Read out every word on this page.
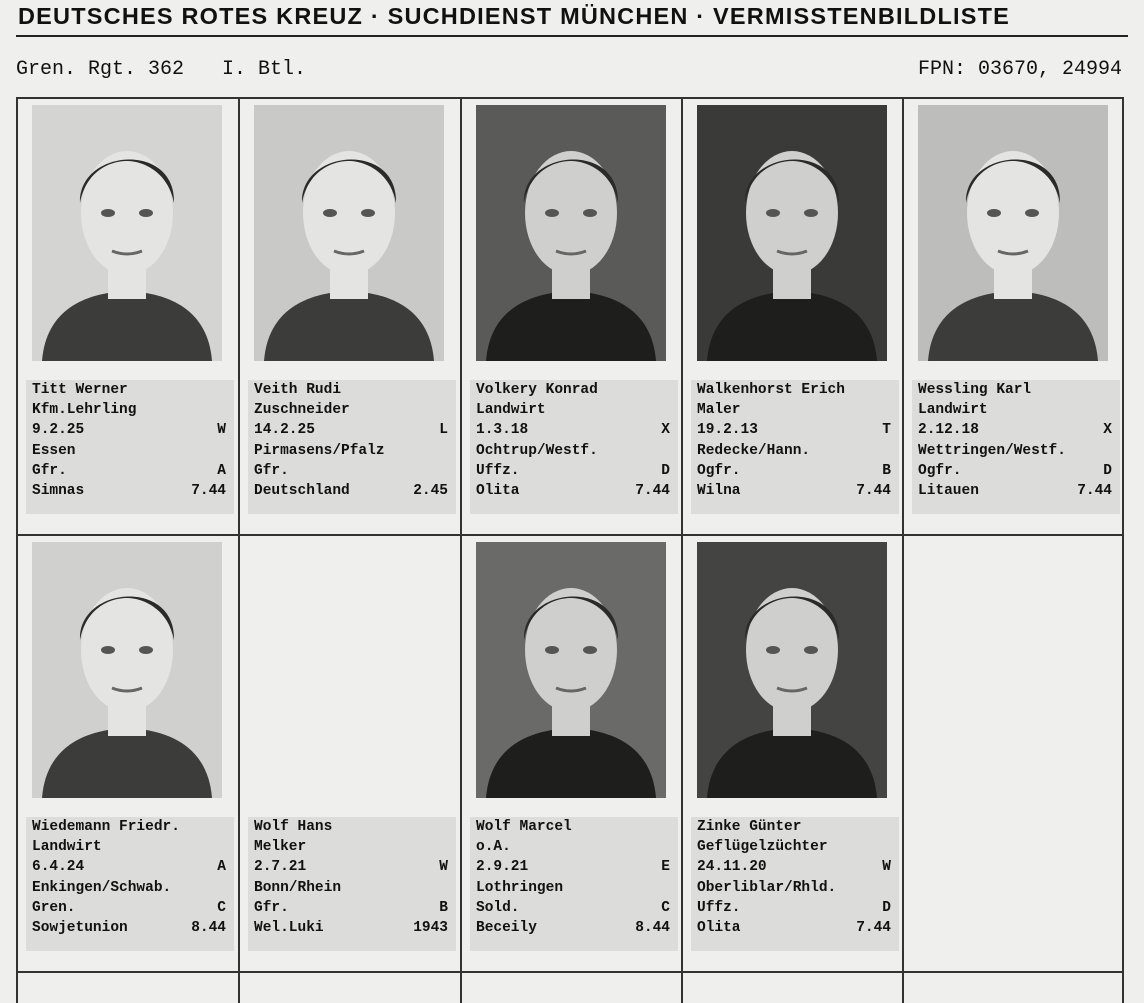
DEUTSCHES ROTES KREUZ · SUCHDIENST MÜNCHEN · VERMISSTENBILDLISTE
Gren. Rgt. 362 I. Btl.	FPN: 03670, 24994
Titt Werner
Kfm.Lehrling
9.2.25	W
Essen
Gfr.	A
Simnas	7.44
Veith Rudi
Zuschneider
14.2.25	L
Pirmasens/Pfalz
Gfr.
Deutschland	2.45
Volkery Konrad
Landwirt
1.3.18	X
Ochtrup/Westf.
Uffz.	D
Olita	7.44
Walkenhorst Erich
Maler
19.2.13	T
Redecke/Hann.
Ogfr.	B
Wilna	7.44
Wessling Karl
Landwirt
2.12.18	X
Wettringen/Westf.
Ogfr.	D
Litauen	7.44
Wiedemann Friedr.
Landwirt
6.4.24	A
Enkingen/Schwab.
Gren.	C
Sowjetunion	8.44
Wolf Hans
Melker
2.7.21	W
Bonn/Rhein
Gfr.	B
Wel.Luki	1943
Wolf Marcel
o.A.
2.9.21	E
Lothringen
Sold.	C
Beceily	8.44
Zinke Günter
Geflügelzüchter
24.11.20	W
Oberliblar/Rhld.
Uffz.	D
Olita	7.44
